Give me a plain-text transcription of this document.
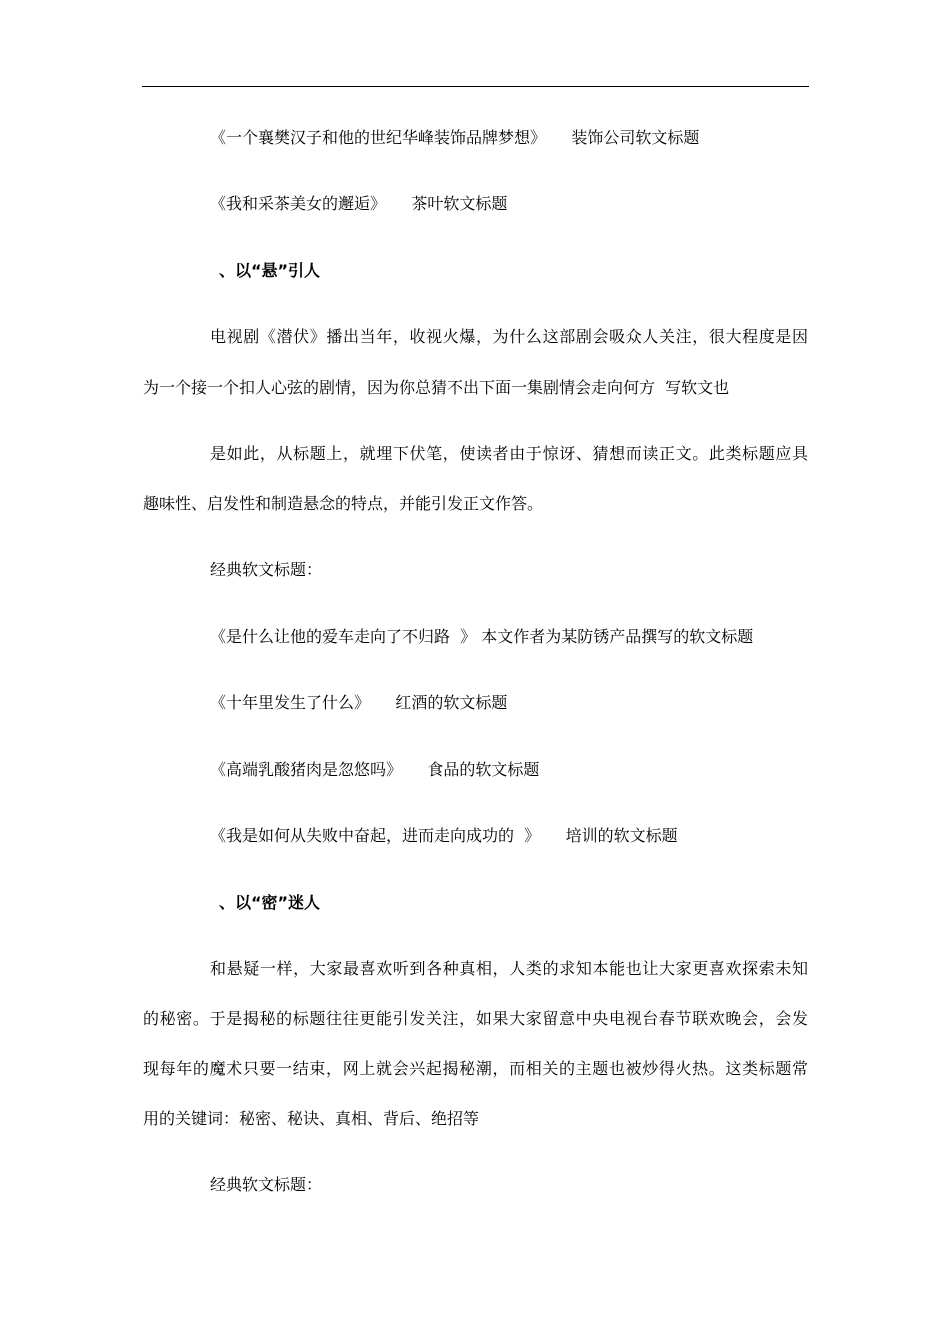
《一个襄樊汉子和他的世纪华峰装饰品牌梦想》     装饰公司软文标题
《我和采茶美女的邂逅》     茶叶软文标题
、以“悬”引人
电视剧《潜伏》播出当年，收视火爆，为什么这部剧会吸众人关注，很大程度是因
为一个接一个扣人心弦的剧情，因为你总猜不出下面一集剧情会走向何方  写软文也
是如此，从标题上，就埋下伏笔，使读者由于惊讶、猜想而读正文。此类标题应具
趣味性、启发性和制造悬念的特点，并能引发正文作答。
经典软文标题：
《是什么让他的爱车走向了不归路  》 本文作者为某防锈产品撰写的软文标题
《十年里发生了什么》     红酒的软文标题
《高端乳酸猪肉是忽悠吗》     食品的软文标题
《我是如何从失败中奋起，进而走向成功的  》     培训的软文标题
、以“密”迷人
和悬疑一样，大家最喜欢听到各种真相，人类的求知本能也让大家更喜欢探索未知
的秘密。于是揭秘的标题往往更能引发关注，如果大家留意中央电视台春节联欢晚会，会发
现每年的魔术只要一结束，网上就会兴起揭秘潮，而相关的主题也被炒得火热。这类标题常
用的关键词：秘密、秘诀、真相、背后、绝招等
经典软文标题：
